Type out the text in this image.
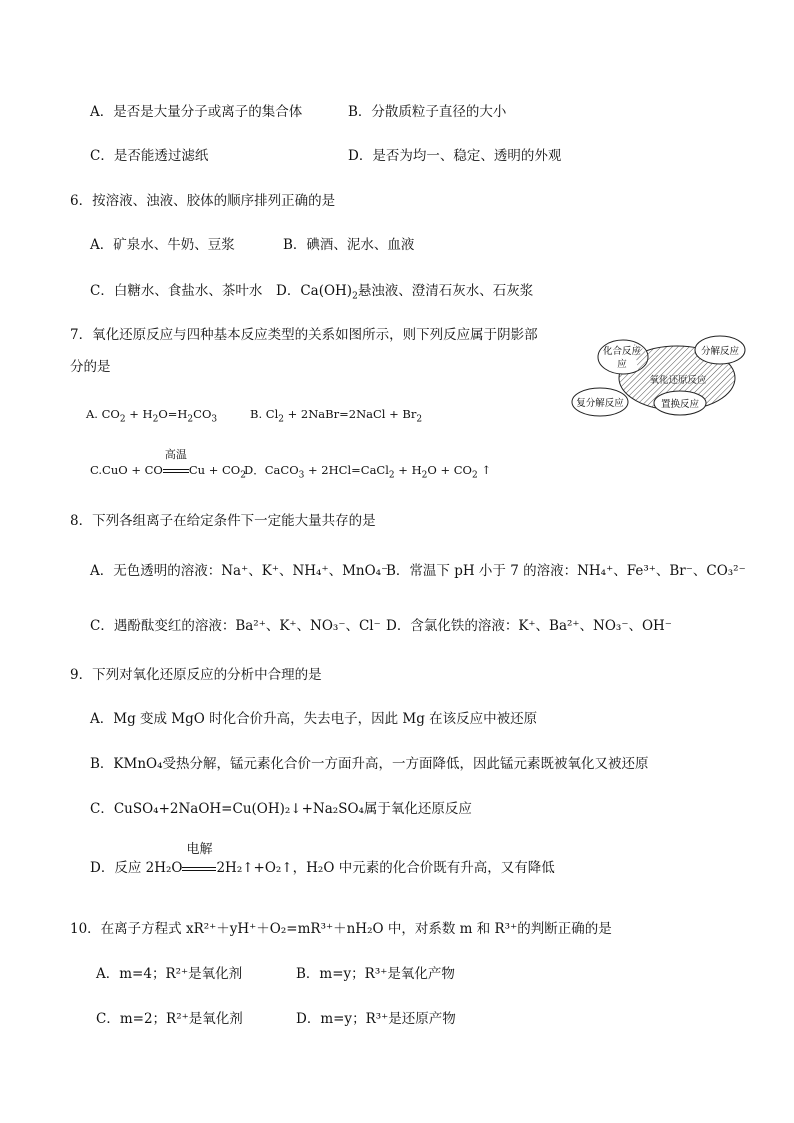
A．是否是大量分子或离子的集合体	B．分散质粒子直径的大小
C．是否能透过滤纸	D．是否为均一、稳定、透明的外观
6．按溶液、浊液、胶体的顺序排列正确的是
A．矿泉水、牛奶、豆浆	B．碘酒、泥水、血液
C．白糖水、食盐水、茶叶水 D．$Ca(OH)_2$悬浊液、澄清石灰水、石灰浆
7．氧化还原反应与四种基本反应类型的关系如图所示，则下列反应属于阴影部
分的是
化合反应
应
分解反应
氧化还原反应
复分解反应	置换反应
A. $CO_2 + H_2O=H_2CO_3$	B. $Cl_2$ + 2NaBr=2NaCl + $Br_2$
C.CuO + CO
高温
$Cu + CO_2$
D．CaCO$_3$ + 2HCl=CaCl$_2$ + $H_2O + CO_2$ ↑
8．下列各组离子在给定条件下一定能大量共存的是
A．无色透明的溶液：Na⁺、K⁺、NH₄⁺、MnO₄⁻
B．常温下 pH 小于 7 的溶液：NH₄⁺、Fe³⁺、Br⁻、CO₃²⁻
C．遇酚酞变红的溶液：Ba²⁺、K⁺、NO₃⁻、Cl⁻ D．含氯化铁的溶液：K⁺、Ba²⁺、NO₃⁻、OH⁻
9．下列对氧化还原反应的分析中合理的是
A．Mg 变成 MgO 时化合价升高，失去电子，因此 Mg 在该反应中被还原
B．KMnO₄受热分解，锰元素化合价一方面升高，一方面降低，因此锰元素既被氧化又被还原
C．CuSO₄+2NaOH=Cu(OH)₂↓+Na₂SO₄属于氧化还原反应
D．反应 2H₂O
电解
2H₂↑+O₂↑，H₂O 中元素的化合价既有升高，又有降低
10．在离子方程式 xR²⁺＋yH⁺＋O₂=mR³⁺＋nH₂O 中，对系数 m 和 R³⁺的判断正确的是
A．m=4；R²⁺是氧化剂	B．m=y；R³⁺是氧化产物
C．m=2；R²⁺是氧化剂	D．m=y；R³⁺是还原产物
